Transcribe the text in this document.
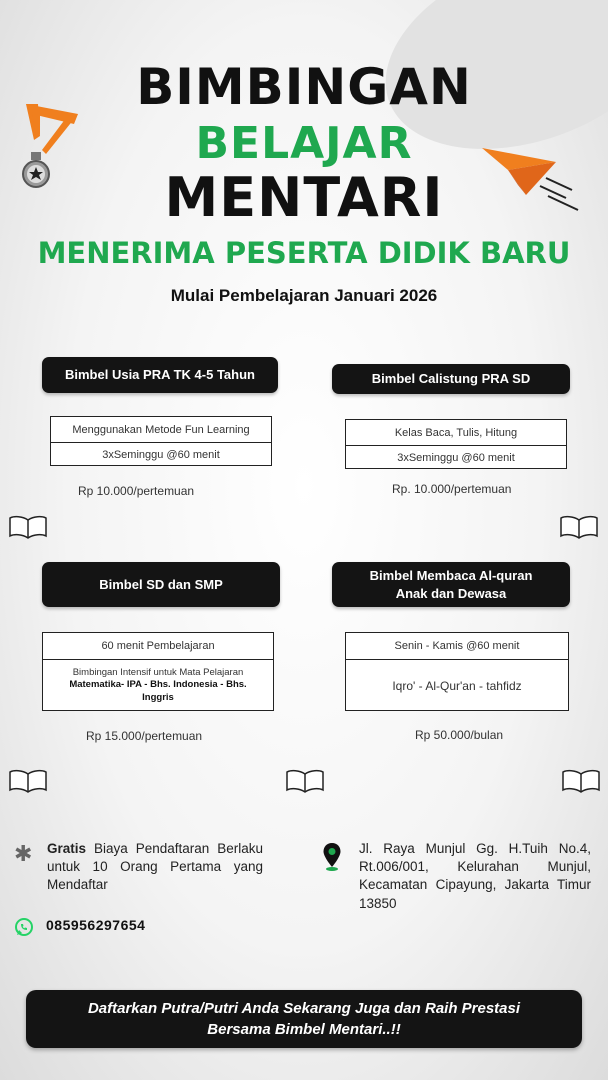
BIMBINGAN
BELAJAR
MENTARI
MENERIMA PESERTA DIDIK BARU
Mulai Pembelajaran Januari 2026
Bimbel Usia PRA TK 4-5 Tahun
Menggunakan Metode Fun Learning
3xSeminggu @60 menit
Rp 10.000/pertemuan
Bimbel Calistung PRA SD
Kelas Baca, Tulis, Hitung
3xSeminggu @60 menit
Rp. 10.000/pertemuan
Bimbel SD dan SMP
60 menit Pembelajaran
Bimbingan Intensif untuk Mata Pelajaran
Matematika- IPA - Bhs. Indonesia - Bhs. Inggris
Rp 15.000/pertemuan
Bimbel Membaca Al-quran
Anak dan Dewasa
Senin - Kamis @60 menit
Iqro' - Al-Qur'an - tahfidz
Rp 50.000/bulan
✱ Gratis Biaya Pendaftaran Berlaku untuk 10 Orang Pertama yang Mendaftar
085956297654
Jl. Raya Munjul Gg. H.Tuih No.4, Rt.006/001, Kelurahan Munjul, Kecamatan Cipayung, Jakarta Timur 13850
Daftarkan Putra/Putri Anda Sekarang Juga dan Raih Prestasi
Bersama Bimbel Mentari..!!
